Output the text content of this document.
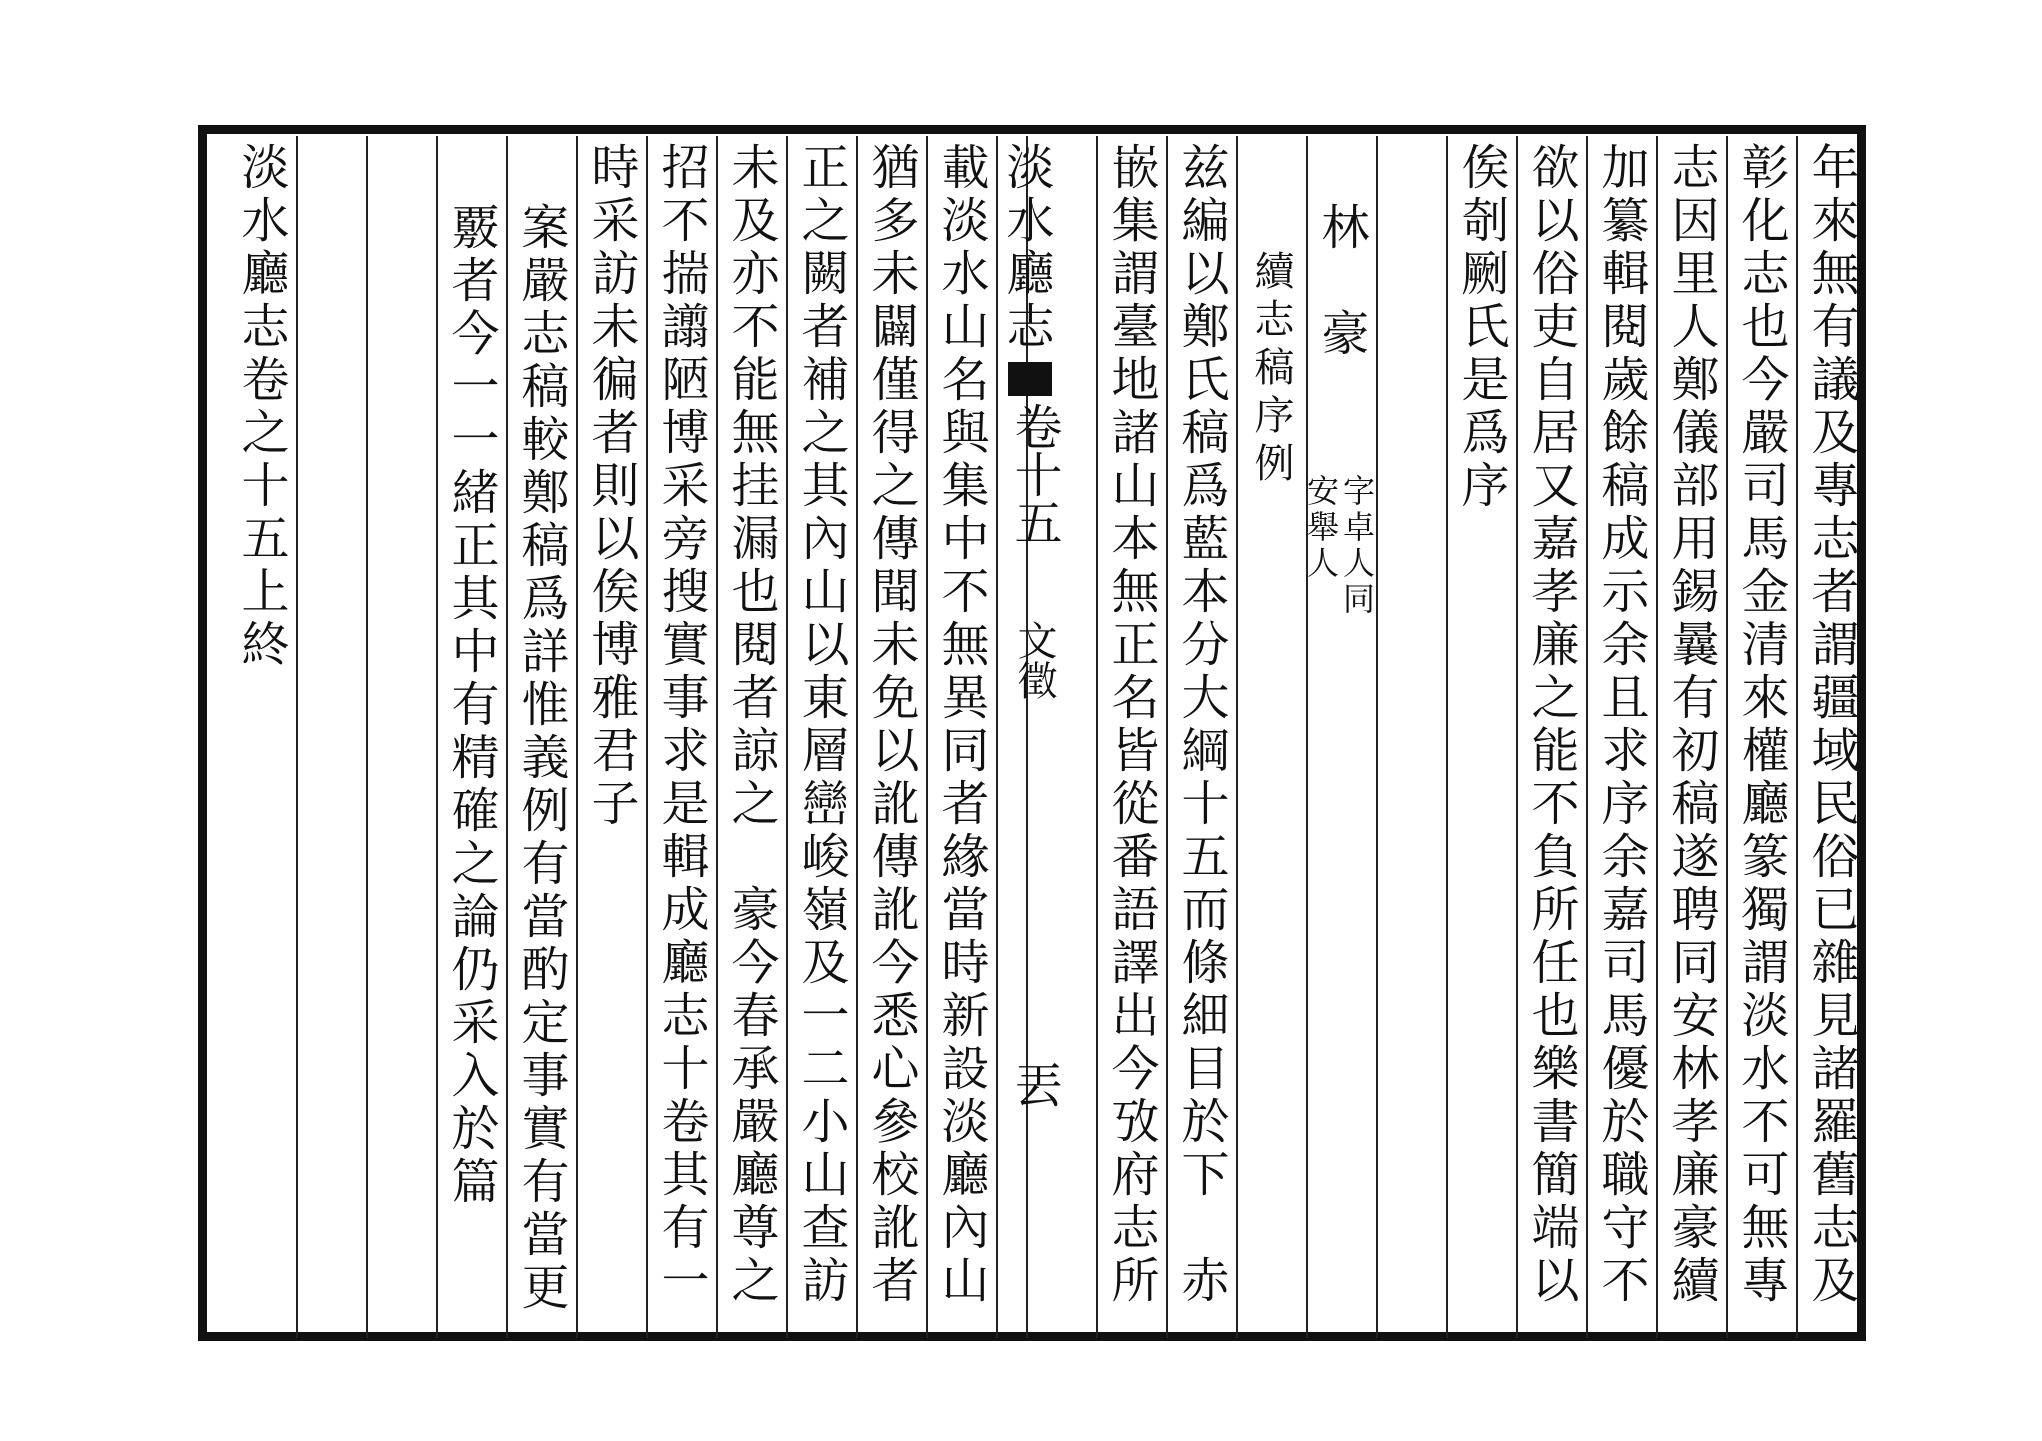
年來無有議及專志者謂疆域民俗已雜見諸羅舊志及
彰化志也今嚴司馬金清來權廳篆獨謂淡水不可無專
志因里人鄭儀部用錫曩有初稿遂聘同安林孝廉豪續
加纂輯閱歲餘稿成示余且求序余嘉司馬優於職守不
欲以俗吏自居又嘉孝廉之能不負所任也樂書簡端以
俟剞劂氏是爲序
林　豪
字卓人同
安舉人
續志稿序例
兹編以鄭氏稿爲藍本分大綱十五而條細目於下　赤
嵌集謂臺地諸山本無正名皆從番語譯出今攷府志所
淡水廳志
卷十五
文徵
丟
載淡水山名與集中不無異同者緣當時新設淡廳內山
猶多未闢僅得之傳聞未免以訛傳訛今悉心參校訛者
正之闕者補之其內山以東層巒峻嶺及一二小山查訪
未及亦不能無挂漏也閱者諒之　豪今春承嚴廳尊之
招不揣譾陋博采旁搜實事求是輯成廳志十卷其有一
時采訪未徧者則以俟博雅君子
案嚴志稿較鄭稿爲詳惟義例有當酌定事實有當更
覈者今一一緒正其中有精確之論仍采入於篇
淡水廳志卷之十五上終
